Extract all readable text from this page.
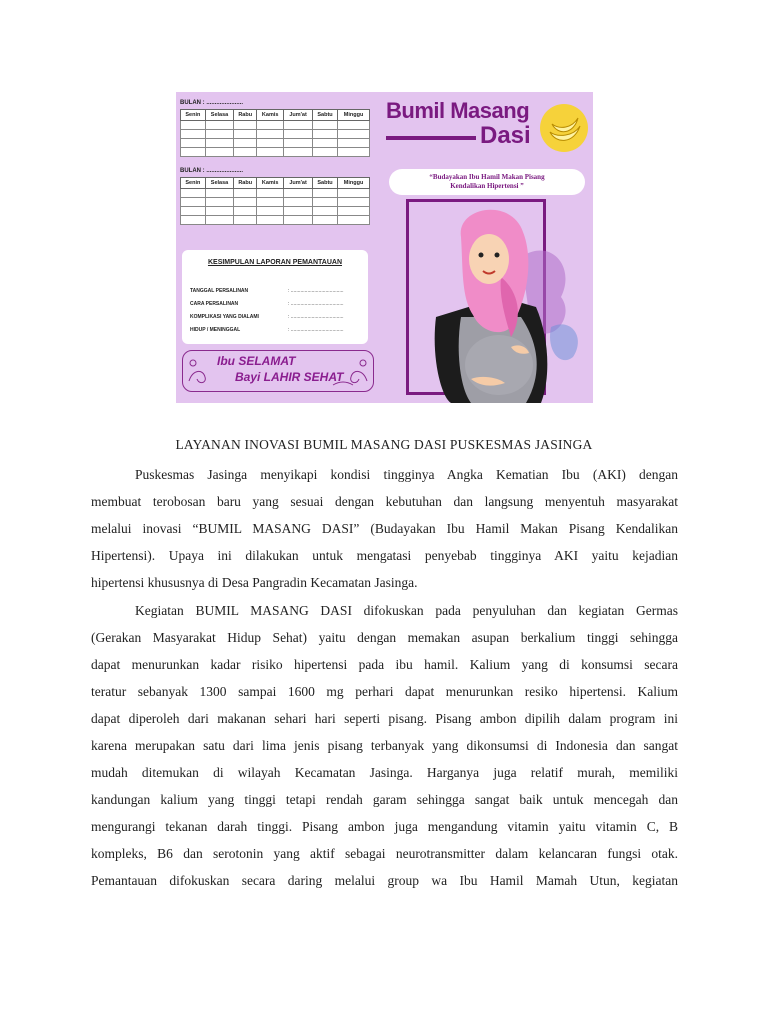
BULAN : ......................
Senin	Selasa	Rabu	Kamis	Jum'at	Sabtu	Minggu

BULAN : ......................
Senin	Selasa	Rabu	Kamis	Jum'at	Sabtu	Minggu

KESIMPULAN LAPORAN PEMANTAUAN
TANGGAL PERSALINAN	: ......................................
CARA PERSALINAN	: ......................................
KOMPLIKASI YANG DIALAMI	: ......................................
HIDUP / MENINGGAL	: ......................................
Ibu SELAMAT
Bayi LAHIR SEHAT
Bumil Masang
Dasi
“Budayakan Ibu Hamil Makan Pisang
Kendalikan Hipertensi ”
LAYANAN INOVASI BUMIL MASANG DASI PUSKESMAS JASINGA
Puskesmas Jasinga menyikapi kondisi tingginya Angka Kematian Ibu (AKI) dengan
membuat terobosan baru yang sesuai dengan kebutuhan dan langsung menyentuh masyarakat
melalui inovasi “BUMIL MASANG DASI” (Budayakan Ibu Hamil Makan Pisang Kendalikan
Hipertensi). Upaya ini dilakukan untuk mengatasi penyebab tingginya AKI yaitu kejadian
hipertensi khususnya di Desa Pangradin Kecamatan Jasinga.
Kegiatan BUMIL MASANG DASI difokuskan pada penyuluhan dan kegiatan Germas
(Gerakan Masyarakat Hidup Sehat) yaitu dengan memakan asupan berkalium tinggi sehingga
dapat menurunkan kadar risiko hipertensi pada ibu hamil. Kalium yang di konsumsi secara
teratur sebanyak 1300 sampai 1600 mg perhari dapat menurunkan resiko hipertensi. Kalium
dapat diperoleh dari makanan sehari hari seperti pisang. Pisang ambon dipilih dalam program ini
karena merupakan satu dari lima jenis pisang terbanyak yang dikonsumsi di Indonesia dan sangat
mudah ditemukan di wilayah Kecamatan Jasinga. Harganya juga relatif murah, memiliki
kandungan kalium yang tinggi tetapi rendah garam sehingga sangat baik untuk mencegah dan
mengurangi tekanan darah tinggi. Pisang ambon juga mengandung vitamin yaitu vitamin C, B
kompleks, B6 dan serotonin yang aktif sebagai neurotransmitter dalam kelancaran fungsi otak.
Pemantauan difokuskan secara daring melalui group wa Ibu Hamil Mamah Utun, kegiatan
